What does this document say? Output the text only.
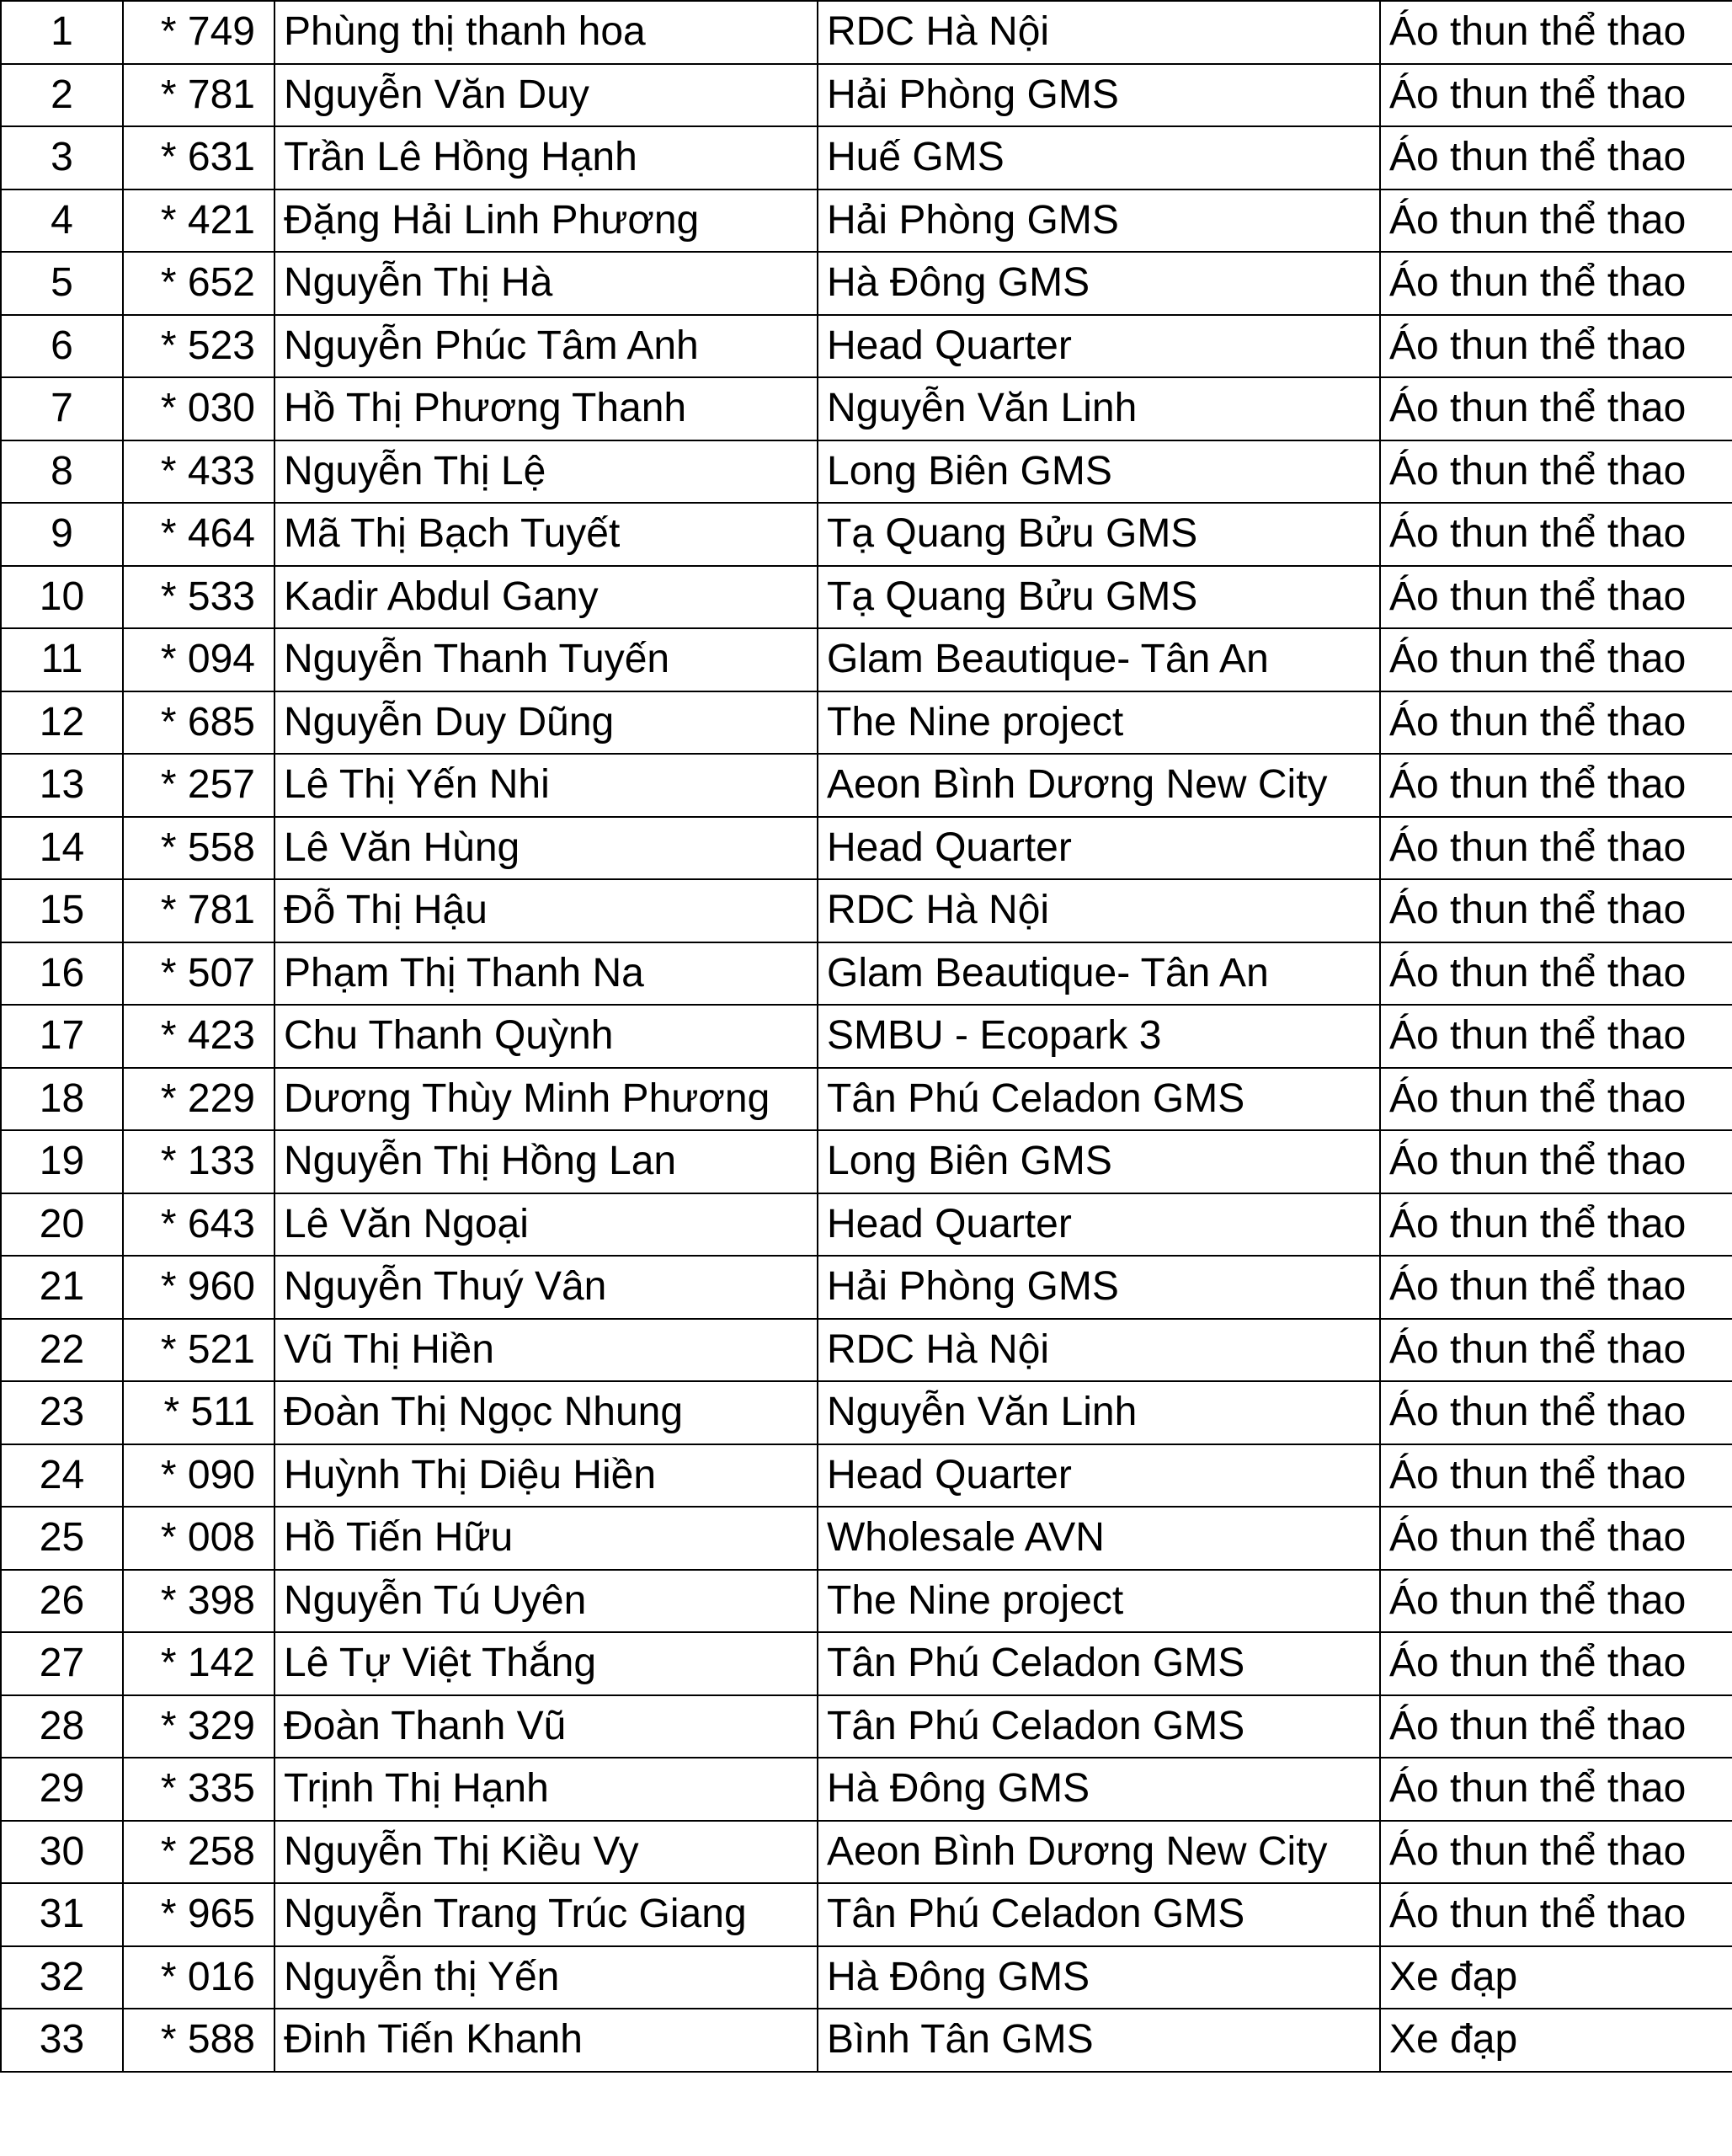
1	* 749	Phùng thị thanh hoa	RDC Hà Nội	Áo thun thể thao
2	* 781	Nguyễn Văn Duy	Hải Phòng GMS	Áo thun thể thao
3	* 631	Trần Lê Hồng Hạnh	Huế GMS	Áo thun thể thao
4	* 421	Đặng Hải Linh Phương	Hải Phòng GMS	Áo thun thể thao
5	* 652	Nguyễn Thị Hà	Hà Đông GMS	Áo thun thể thao
6	* 523	Nguyễn Phúc Tâm Anh	Head Quarter	Áo thun thể thao
7	* 030	Hồ Thị Phương Thanh	Nguyễn Văn Linh	Áo thun thể thao
8	* 433	Nguyễn Thị Lệ	Long Biên GMS	Áo thun thể thao
9	* 464	Mã Thị Bạch Tuyết	Tạ Quang Bửu GMS	Áo thun thể thao
10	* 533	Kadir Abdul Gany	Tạ Quang Bửu GMS	Áo thun thể thao
11	* 094	Nguyễn Thanh Tuyến	Glam Beautique- Tân An	Áo thun thể thao
12	* 685	Nguyễn Duy Dũng	The Nine project	Áo thun thể thao
13	* 257	Lê Thị Yến Nhi	Aeon Bình Dương New City	Áo thun thể thao
14	* 558	Lê Văn Hùng	Head Quarter	Áo thun thể thao
15	* 781	Đỗ Thị Hậu	RDC Hà Nội	Áo thun thể thao
16	* 507	Phạm Thị Thanh Na	Glam Beautique- Tân An	Áo thun thể thao
17	* 423	Chu Thanh Quỳnh	SMBU - Ecopark 3	Áo thun thể thao
18	* 229	Dương Thùy Minh Phương	Tân Phú Celadon GMS	Áo thun thể thao
19	* 133	Nguyễn Thị Hồng Lan	Long Biên GMS	Áo thun thể thao
20	* 643	Lê Văn Ngoại	Head Quarter	Áo thun thể thao
21	* 960	Nguyễn Thuý Vân	Hải Phòng GMS	Áo thun thể thao
22	* 521	Vũ Thị Hiền	RDC Hà Nội	Áo thun thể thao
23	* 511	Đoàn Thị Ngọc Nhung	Nguyễn Văn Linh	Áo thun thể thao
24	* 090	Huỳnh Thị Diệu Hiền	Head Quarter	Áo thun thể thao
25	* 008	Hồ Tiến Hữu	Wholesale AVN	Áo thun thể thao
26	* 398	Nguyễn Tú Uyên	The Nine project	Áo thun thể thao
27	* 142	Lê Tự Việt Thắng	Tân Phú Celadon GMS	Áo thun thể thao
28	* 329	Đoàn Thanh Vũ	Tân Phú Celadon GMS	Áo thun thể thao
29	* 335	Trịnh Thị Hạnh	Hà Đông GMS	Áo thun thể thao
30	* 258	Nguyễn Thị Kiều Vy	Aeon Bình Dương New City	Áo thun thể thao
31	* 965	Nguyễn Trang Trúc Giang	Tân Phú Celadon GMS	Áo thun thể thao
32	* 016	Nguyễn thị Yến	Hà Đông GMS	Xe đạp
33	* 588	Đinh Tiến Khanh	Bình Tân GMS	Xe đạp
